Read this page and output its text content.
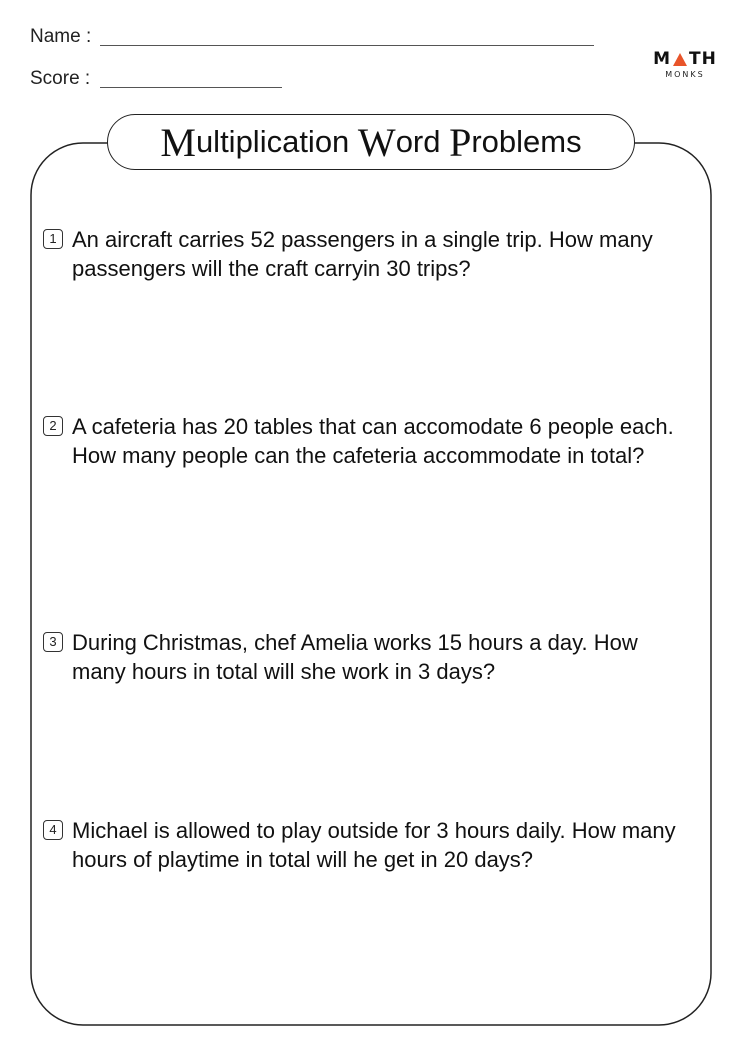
Name :
Score :
M TH
MONKS
M ultiplication W ord P roblems
1 An aircraft carries 52 passengers in a single trip. How many passengers will the craft carryin 30 trips?
2 A cafeteria has 20 tables that can accomodate 6 people each. How many people can the cafeteria accommodate in total?
3 During Christmas, chef Amelia works 15 hours a day. How many hours in total will she work in 3 days?
4 Michael is allowed to play outside for 3 hours daily. How many hours of playtime in total will he get in 20 days?
